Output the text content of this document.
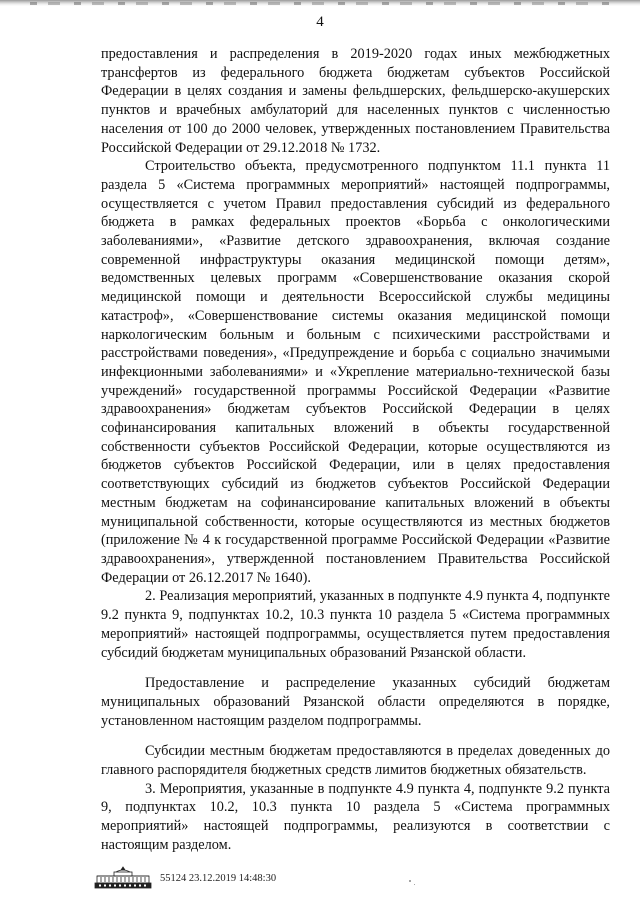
4

предоставления и распределения в 2019-2020 годах иных межбюджетных трансфертов из федерального бюджета бюджетам субъектов Российской Федерации в целях создания и замены фельдшерских, фельдшерско-акушерских пунктов и врачебных амбулаторий для населенных пунктов с численностью населения от 100 до 2000 человек, утвержденных постановлением Правительства Российской Федерации от 29.12.2018 № 1732.

Строительство объекта, предусмотренного подпунктом 11.1 пункта 11 раздела 5 «Система программных мероприятий» настоящей подпрограммы, осуществляется с учетом Правил предоставления субсидий из федерального бюджета в рамках федеральных проектов «Борьба с онкологическими заболеваниями», «Развитие детского здравоохранения, включая создание современной инфраструктуры оказания медицинской помощи детям», ведомственных целевых программ «Совершенствование оказания скорой медицинской помощи и деятельности Всероссийской службы медицины катастроф», «Совершенствование системы оказания медицинской помощи наркологическим больным и больным с психическими расстройствами и расстройствами поведения», «Предупреждение и борьба с социально значимыми инфекционными заболеваниями» и «Укрепление материально-технической базы учреждений» государственной программы Российской Федерации «Развитие здравоохранения» бюджетам субъектов Российской Федерации в целях софинансирования капитальных вложений в объекты государственной собственности субъектов Российской Федерации, которые осуществляются из бюджетов субъектов Российской Федерации, или в целях предоставления соответствующих субсидий из бюджетов субъектов Российской Федерации местным бюджетам на софинансирование капитальных вложений в объекты муниципальной собственности, которые осуществляются из местных бюджетов (приложение № 4 к государственной программе Российской Федерации «Развитие здравоохранения», утвержденной постановлением Правительства Российской Федерации от 26.12.2017 № 1640).

2. Реализация мероприятий, указанных в подпункте 4.9 пункта 4, подпункте 9.2 пункта 9, подпунктах 10.2, 10.3 пункта 10 раздела 5 «Система программных мероприятий» настоящей подпрограммы, осуществляется путем предоставления субсидий бюджетам муниципальных образований Рязанской области.

Предоставление и распределение указанных субсидий бюджетам муниципальных образований Рязанской области определяются в порядке, установленном настоящим разделом подпрограммы.

Субсидии местным бюджетам предоставляются в пределах доведенных до главного распорядителя бюджетных средств лимитов бюджетных обязательств.

3. Мероприятия, указанные в подпункте 4.9 пункта 4, подпункте 9.2 пункта 9, подпунктах 10.2, 10.3 пункта 10 раздела 5 «Система программных мероприятий» настоящей подпрограммы, реализуются в соответствии с настоящим разделом.

55124 23.12.2019 14:48:30
